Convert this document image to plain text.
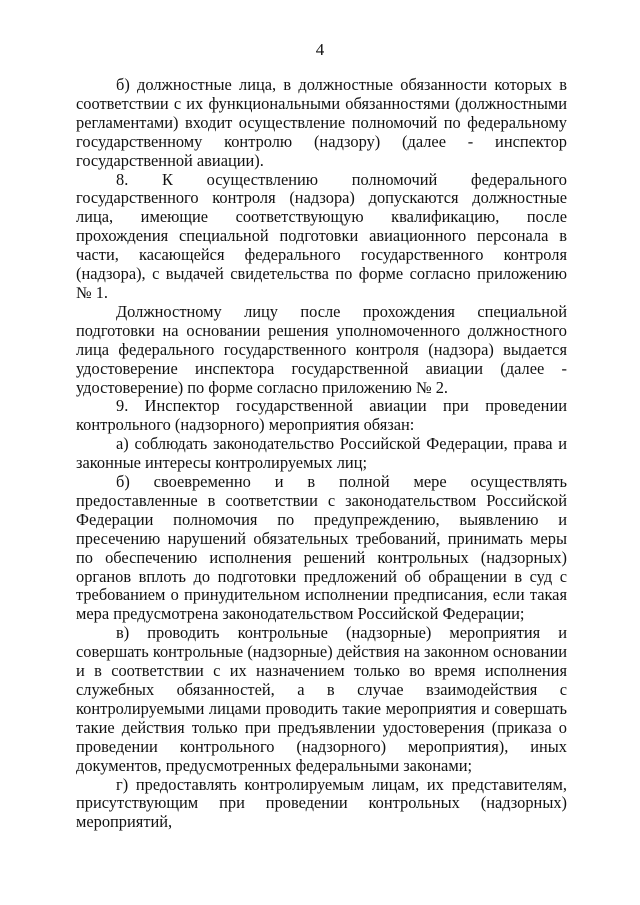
4

б) должностные лица, в должностные обязанности которых в соответствии с их функциональными обязанностями (должностными регламентами) входит осуществление полномочий по федеральному государственному контролю (надзору) (далее - инспектор государственной авиации).

8. К осуществлению полномочий федерального государственного контроля (надзора) допускаются должностные лица, имеющие соответствующую квалификацию, после прохождения специальной подготовки авиационного персонала в части, касающейся федерального государственного контроля (надзора), с выдачей свидетельства по форме согласно приложению № 1.

Должностному лицу после прохождения специальной подготовки на основании решения уполномоченного должностного лица федерального государственного контроля (надзора) выдается удостоверение инспектора государственной авиации (далее - удостоверение) по форме согласно приложению № 2.

9. Инспектор государственной авиации при проведении контрольного (надзорного) мероприятия обязан:

а) соблюдать законодательство Российской Федерации, права и законные интересы контролируемых лиц;

б) своевременно и в полной мере осуществлять предоставленные в соответствии с законодательством Российской Федерации полномочия по предупреждению, выявлению и пресечению нарушений обязательных требований, принимать меры по обеспечению исполнения решений контрольных (надзорных) органов вплоть до подготовки предложений об обращении в суд с требованием о принудительном исполнении предписания, если такая мера предусмотрена законодательством Российской Федерации;

в) проводить контрольные (надзорные) мероприятия и совершать контрольные (надзорные) действия на законном основании и в соответствии с их назначением только во время исполнения служебных обязанностей, а в случае взаимодействия с контролируемыми лицами проводить такие мероприятия и совершать такие действия только при предъявлении удостоверения (приказа о проведении контрольного (надзорного) мероприятия), иных документов, предусмотренных федеральными законами;

г) предоставлять контролируемым лицам, их представителям, присутствующим при проведении контрольных (надзорных) мероприятий,
